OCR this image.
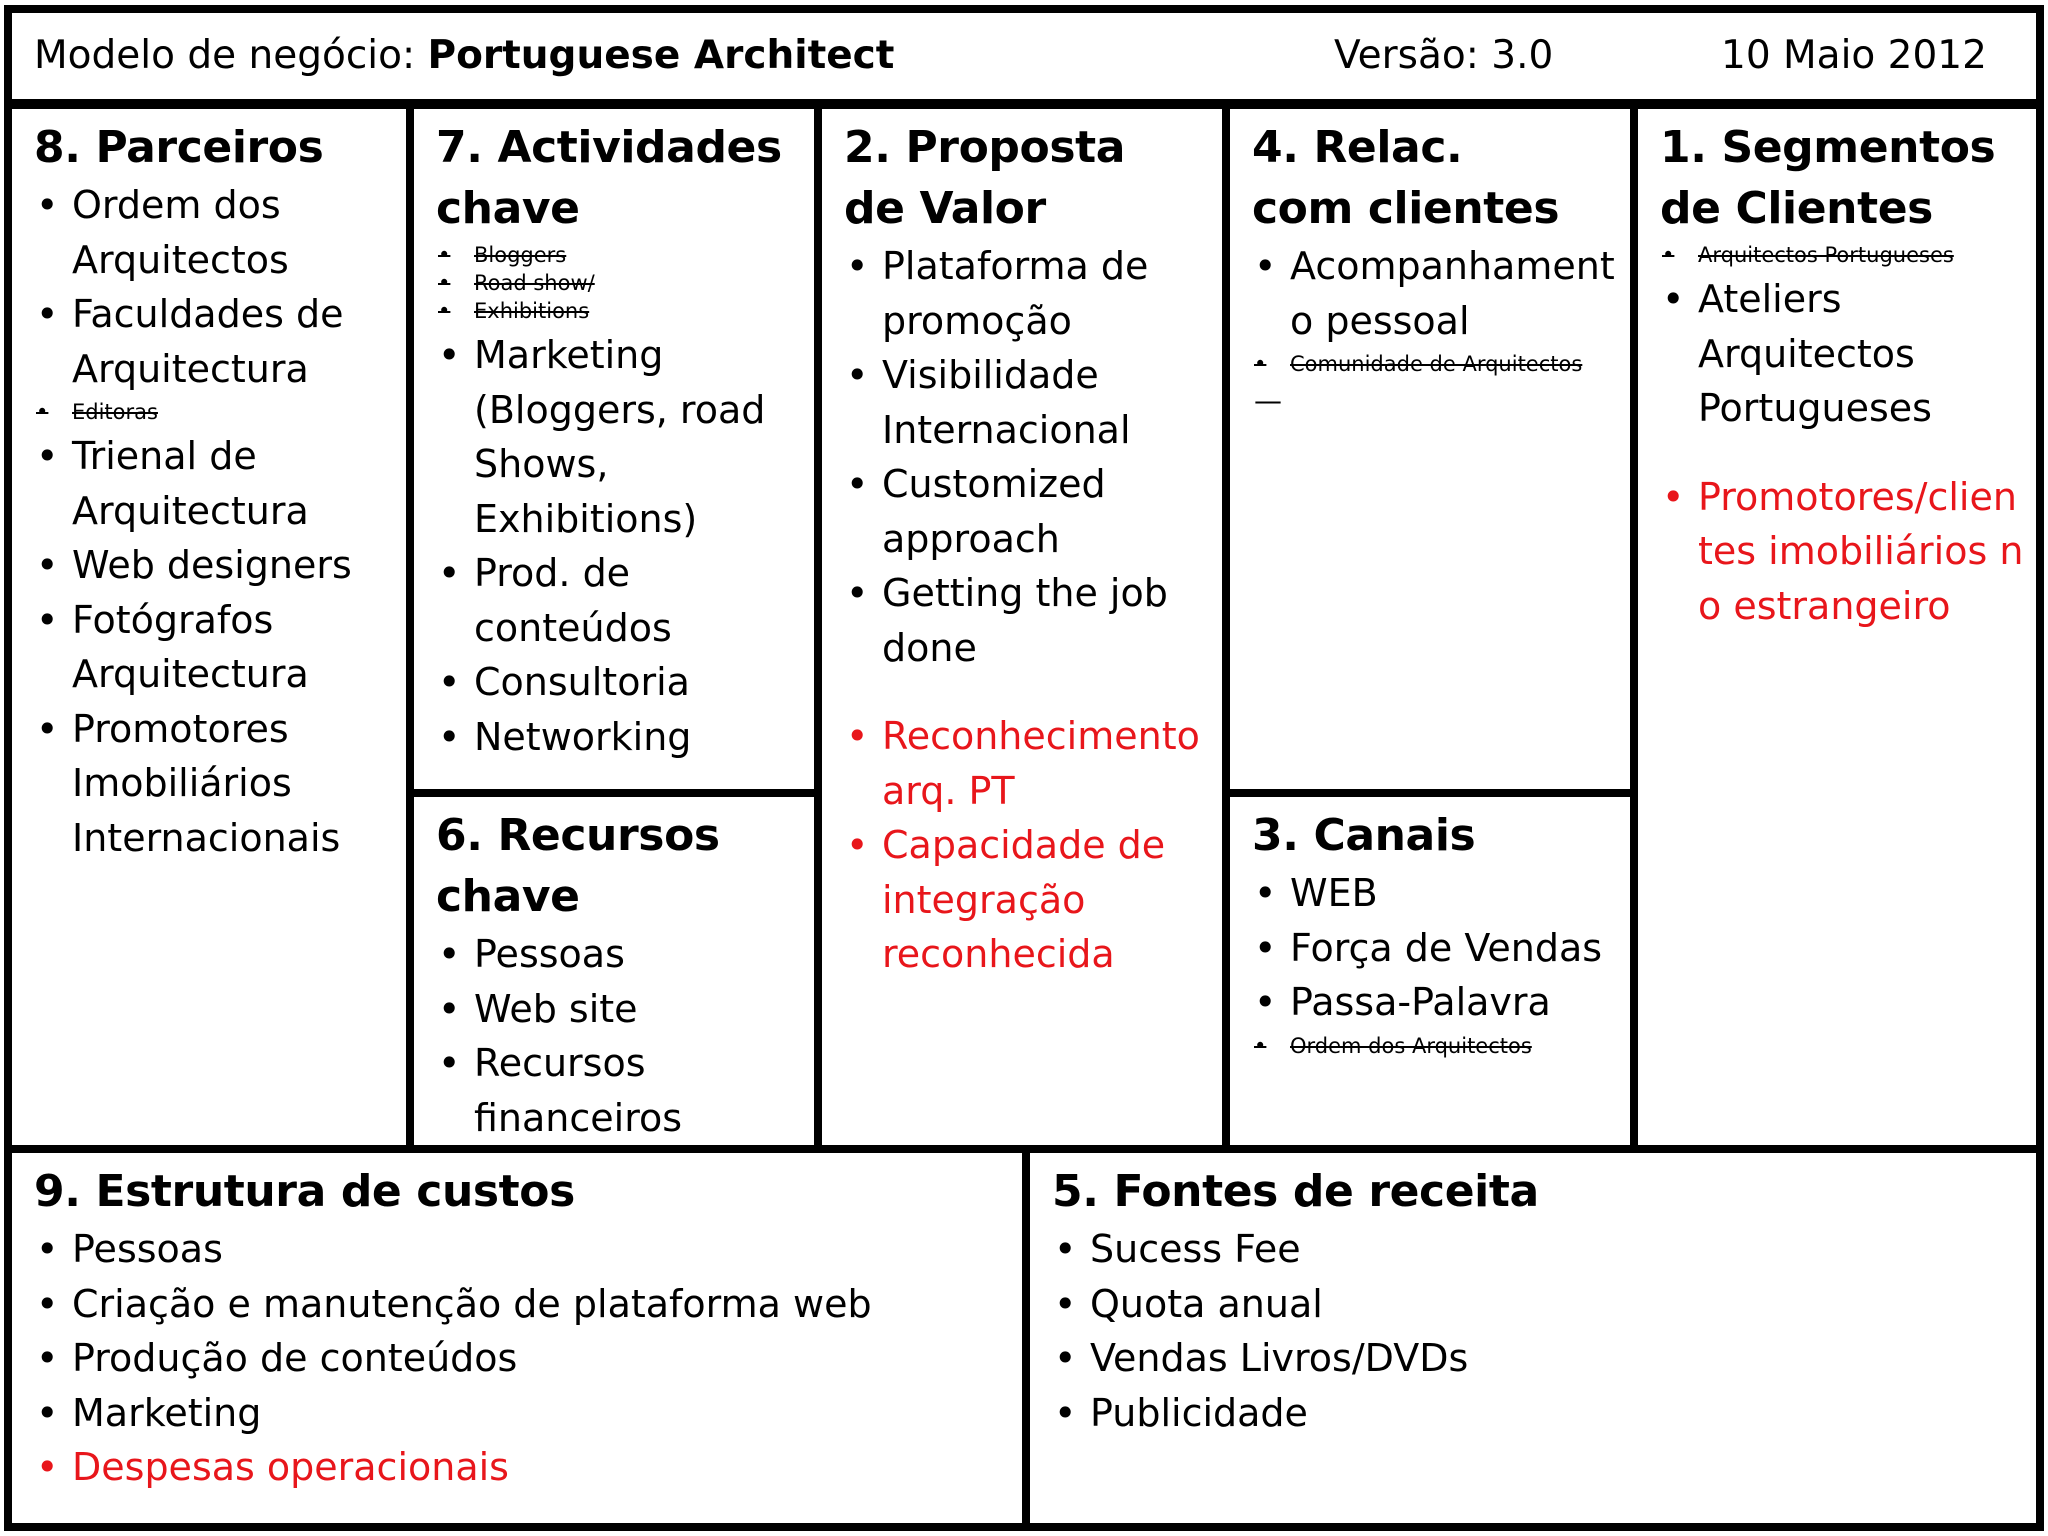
Modelo de negócio: Portuguese Architect	Versão: 3.0	10 Maio 2012
8. Parceiros
• Ordem dos Arquitectos
• Faculdades de Arquitectura
• Editoras
• Trienal de Arquitectura
• Web designers
• Fotógrafos Arquitectura
• Promotores Imobiliários Internacionais
7. Actividades chave
• Bloggers
• Road show/
• Exhibitions
• Marketing (Bloggers, road Shows, Exhibitions)
• Prod. de conteúdos
• Consultoria
• Networking
6. Recursos chave
• Pessoas
• Web site
• Recursos financeiros
2. Proposta de Valor
• Plataforma de promoção
• Visibilidade Internacional
• Customized approach
• Getting the job done
• Reconhecimento arq. PT
• Capacidade de integração reconhecida
4. Relac.  com clientes
• Acompanhamento pessoal
• Comunidade de Arquitectos
—
3. Canais
• WEB
• Força de Vendas
• Passa-Palavra
• Ordem dos Arquitectos
1. Segmentos de Clientes
• Arquitectos Portugueses
• Ateliers Arquitectos Portugueses
• Promotores/clientes imobiliários no estrangeiro
9. Estrutura de custos
• Pessoas
• Criação e manutenção de plataforma web
• Produção de conteúdos
• Marketing
• Despesas operacionais
5. Fontes de receita
• Sucess Fee
• Quota anual
• Vendas Livros/DVDs
• Publicidade
